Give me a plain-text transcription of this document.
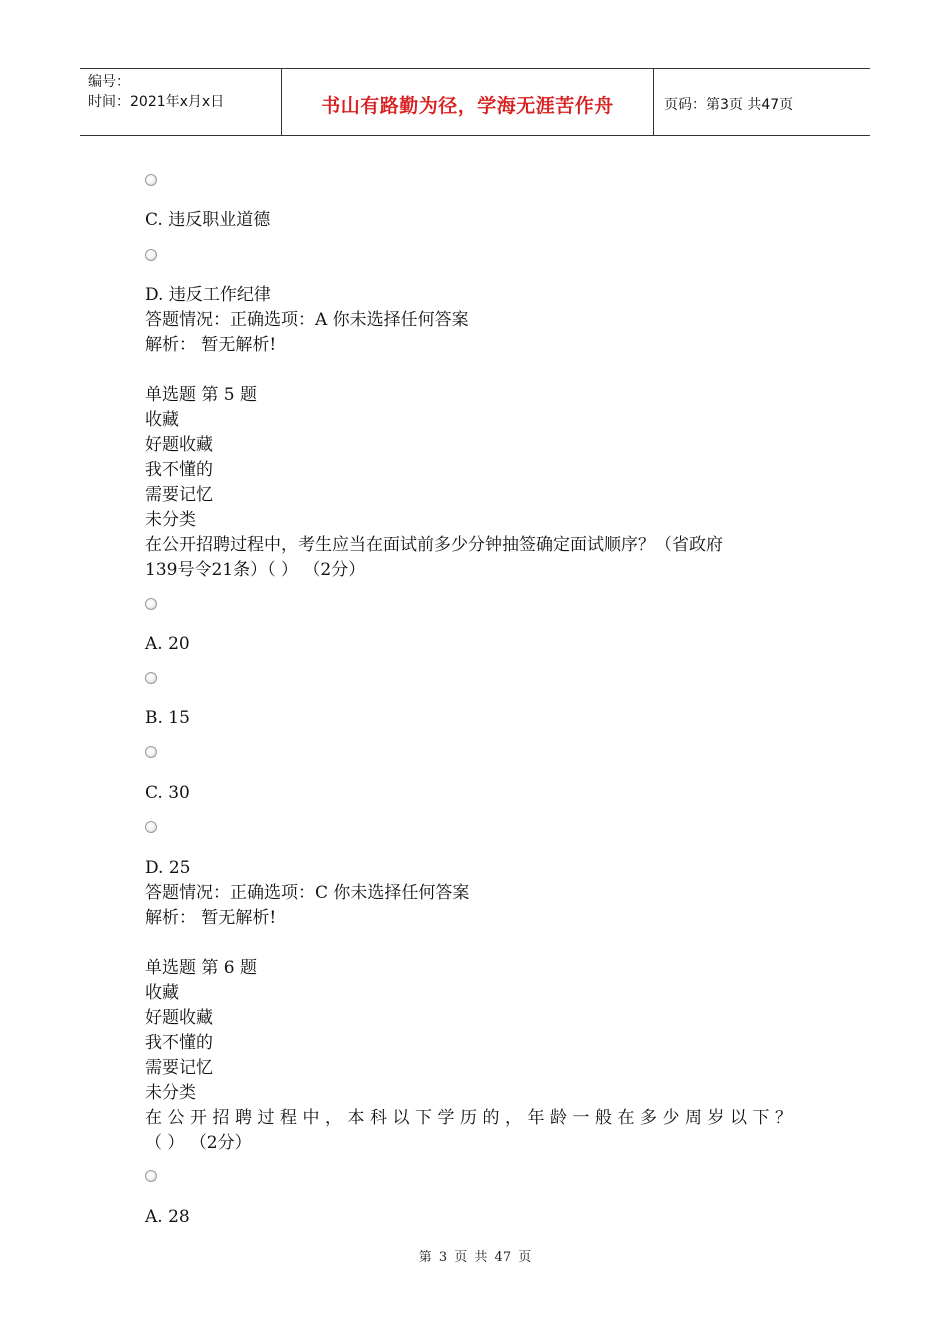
编号：
时间：2021年x月x日	书山有路勤为径，学海无涯苦作舟	页码：第3页 共47页
C. 违反职业道德
D. 违反工作纪律
答题情况：正确选项：A 你未选择任何答案
解析： 暂无解析!
单选题 第 5 题
收藏
好题收藏
我不懂的
需要记忆
未分类
在公开招聘过程中，考生应当在面试前多少分钟抽签确定面试顺序？（省政府
139号令21条）（ ） （2分）
A. 20
B. 15
C. 30
D. 25
答题情况：正确选项：C 你未选择任何答案
解析： 暂无解析!
单选题 第 6 题
收藏
好题收藏
我不懂的
需要记忆
未分类
在公开招聘过程中，本科以下学历的，年龄一般在多少周岁以下？
（ ） （2分）
A. 28
第 3 页 共 47 页
